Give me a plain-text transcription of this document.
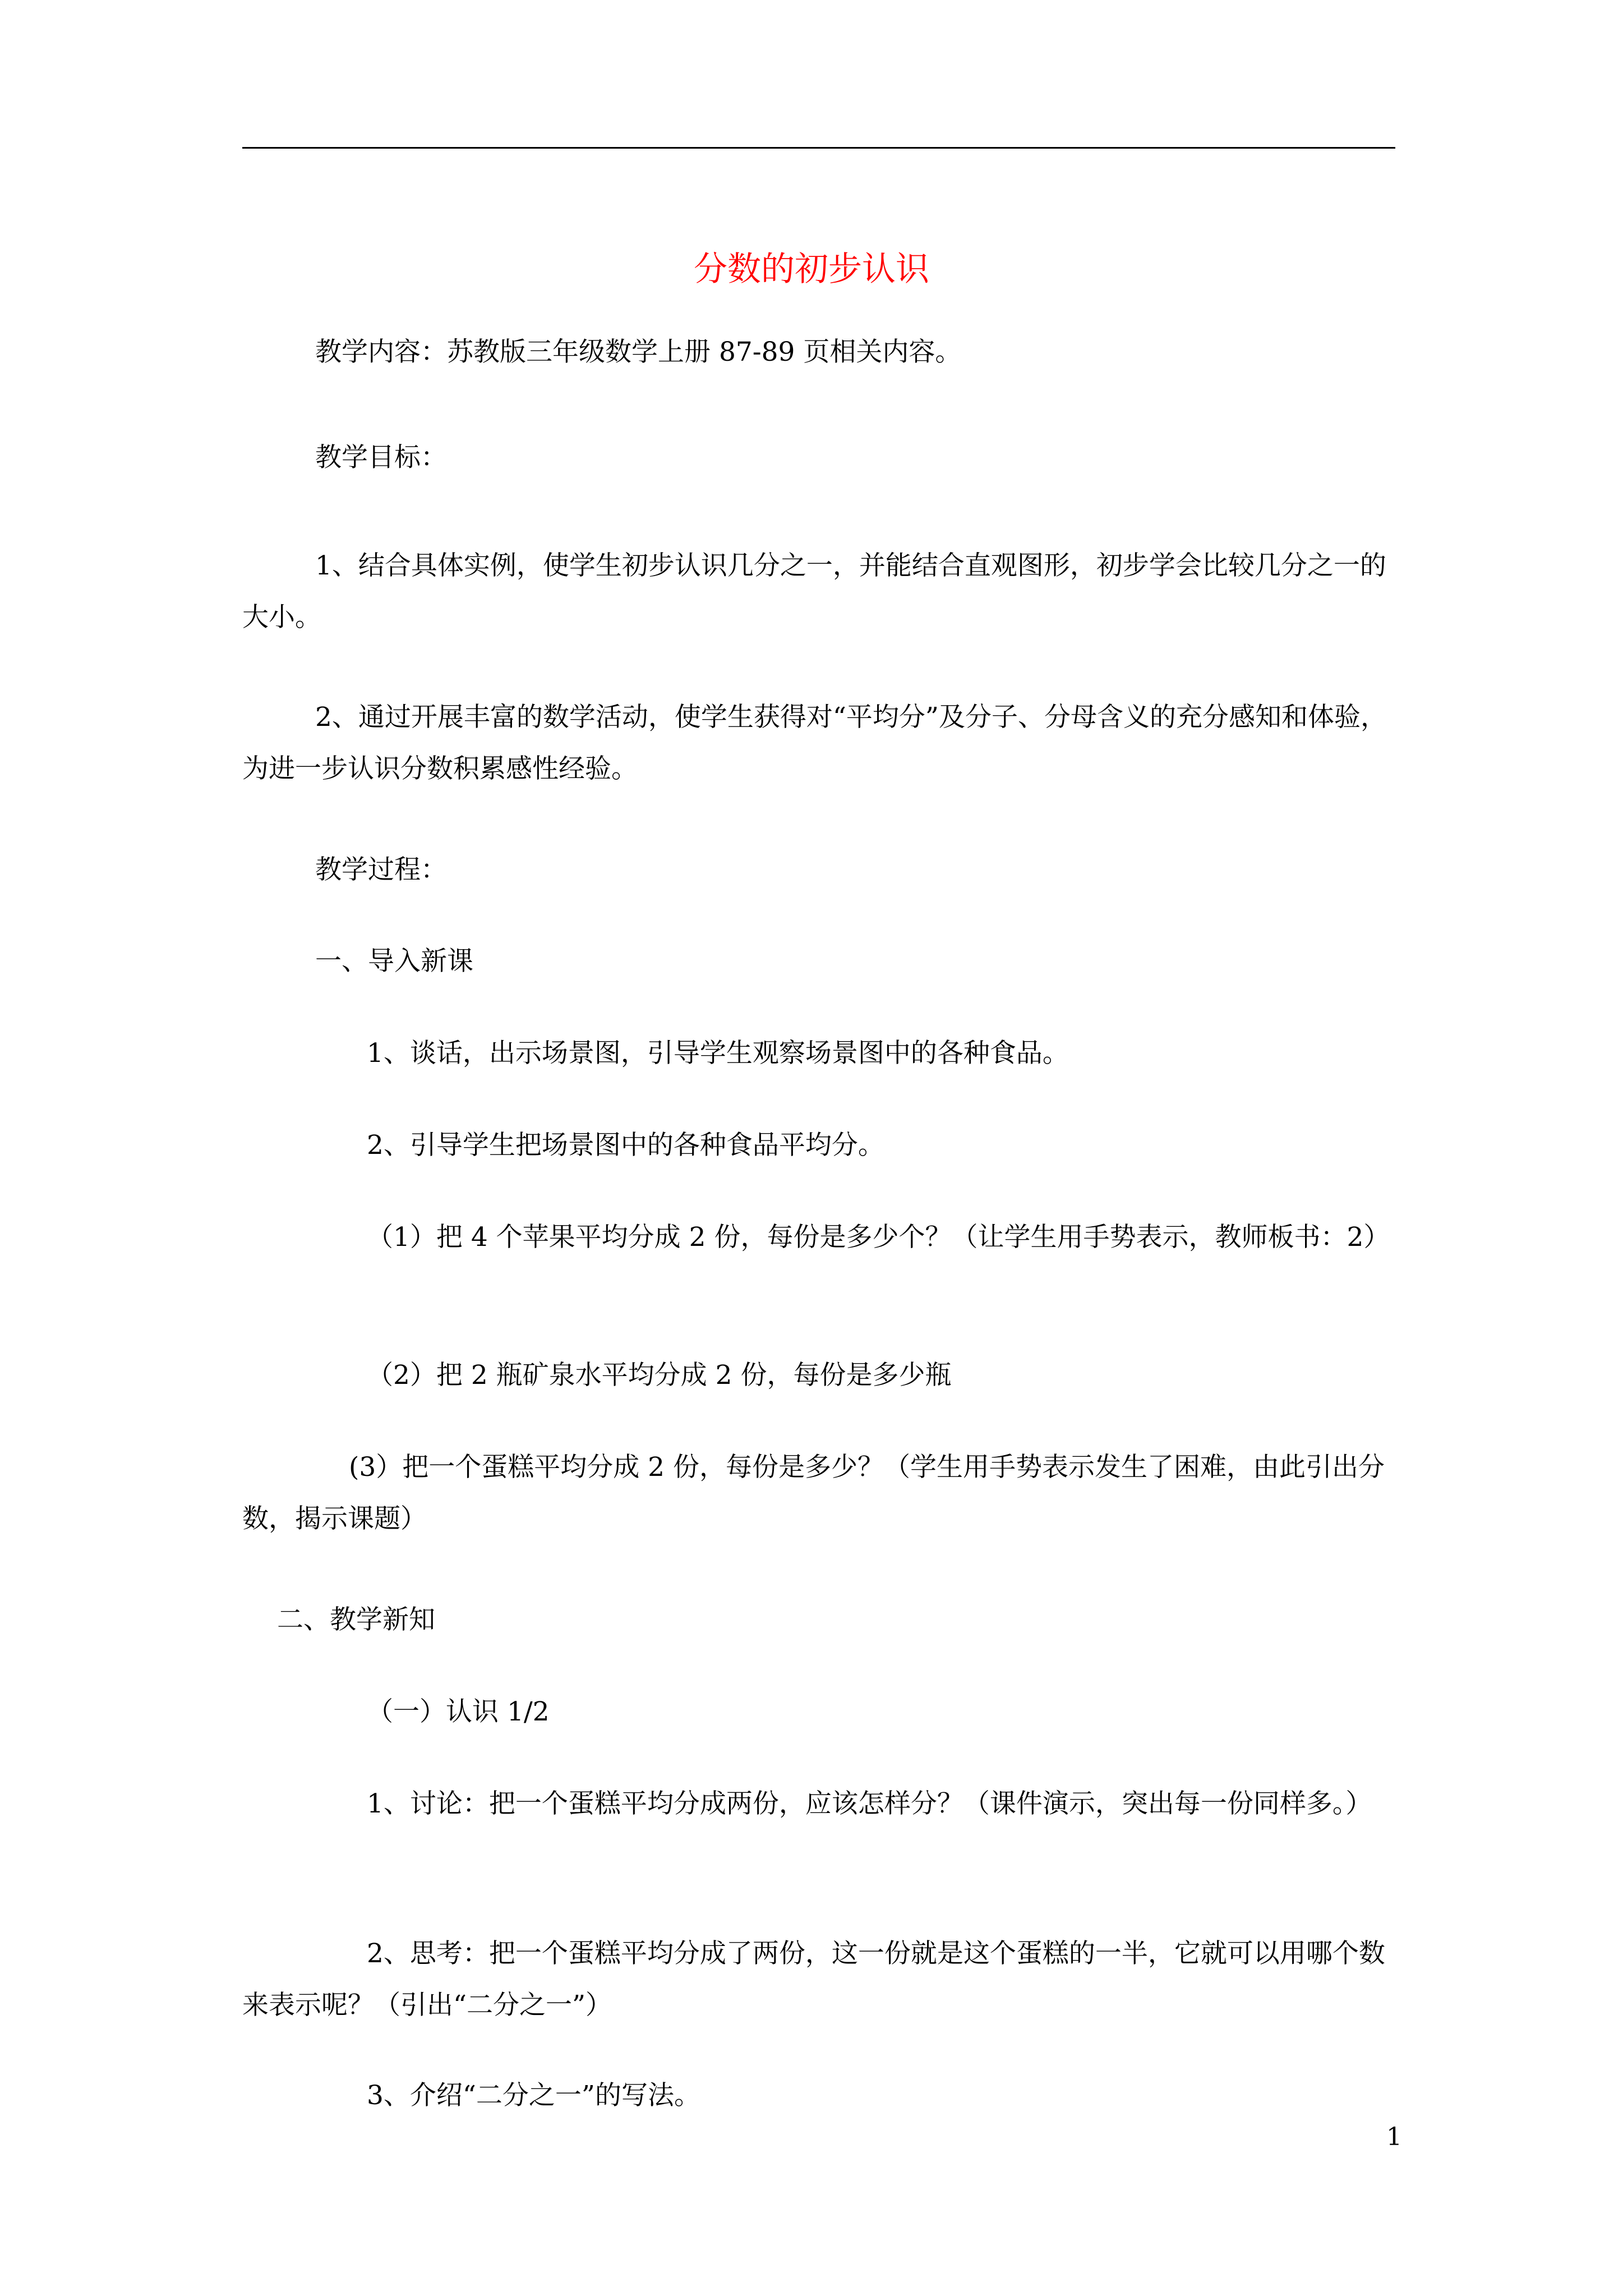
分数的初步认识

教学内容：苏教版三年级数学上册 87-89 页相关内容。

教学目标：

1、结合具体实例，使学生初步认识几分之一，并能结合直观图形，初步学会比较几分之一的大小。

2、通过开展丰富的数学活动，使学生获得对“平均分”及分子、分母含义的充分感知和体验，为进一步认识分数积累感性经验。

教学过程：

一、导入新课

1、谈话，出示场景图，引导学生观察场景图中的各种食品。

2、引导学生把场景图中的各种食品平均分。

（1）把 4 个苹果平均分成 2 份，每份是多少个？（让学生用手势表示，教师板书：2）

（2）把 2 瓶矿泉水平均分成 2 份，每份是多少瓶

(3）把一个蛋糕平均分成 2 份，每份是多少？（学生用手势表示发生了困难，由此引出分数，揭示课题）

二、教学新知

（一）认识 1/2

1、讨论：把一个蛋糕平均分成两份，应该怎样分？（课件演示，突出每一份同样多。）

2、思考：把一个蛋糕平均分成了两份，这一份就是这个蛋糕的一半，它就可以用哪个数来表示呢？（引出“二分之一”）

3、介绍“二分之一”的写法。

1
